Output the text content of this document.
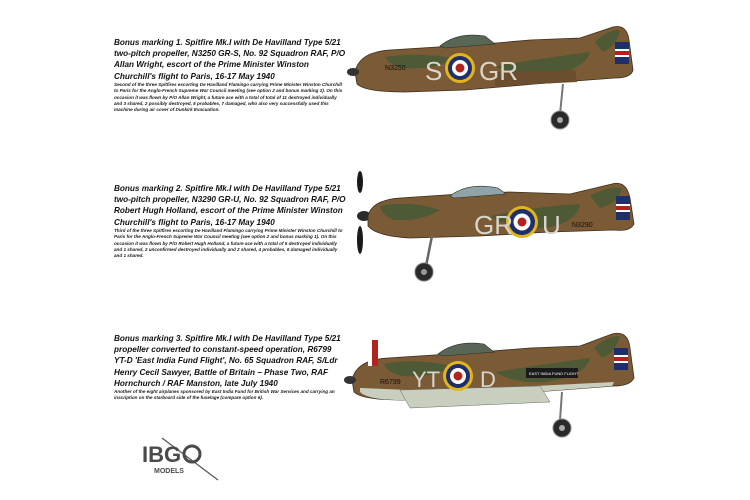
Bonus marking 1. Spitfire Mk.I with De Havilland Type 5/21 two-pitch propeller, N3250 GR-S, No. 92 Squadron RAF, P/O Allan Wright, escort of the Prime Minister Winston Churchill's flight to Paris, 16-17 May 1940

Second of the three Spitfires escorting De Havilland Flamingo carrying Prime Minister Winston Churchill to Paris for the Anglo-French Supreme War Council meeting (see option 2 and bonus marking 2). On this occasion it was flown by P/O Allan Wright, a future ace with a total of total of 11 destroyed individually and 3 shared, 2 possibly destroyed, 5 probables, 7 damaged, who also very successfully used this machine during air cover of Dunkirk Evacuation.

S GR
N3250

Bonus marking 2. Spitfire Mk.I with De Havilland Type 5/21 two-pitch propeller, N3290 GR-U, No. 92 Squadron RAF, P/O Robert Hugh Holland, escort of the Prime Minister Winston Churchill's flight to Paris, 16-17 May 1940

Third of the three Spitfires escorting De Havilland Flamingo carrying Prime Minister Winston Churchill to Paris for the Anglo-French Supreme War Council meeting (see option 2 and bonus marking 1). On this occasion it was flown by P/O Robert Hugh Holland, a future ace with a total of 5 destroyed individually and 1 shared, 2 unconfirmed destroyed individually and 2 shared, 4 probables, 6 damaged individually and 1 shared.

GR U N3290

Bonus marking 3. Spitfire Mk.I with De Havilland Type 5/21 propeller converted to constant-speed operation, R6799 YT-D 'East India Fund Flight', No. 65 Squadron RAF, S/Ldr Henry Cecil Sawyer, Battle of Britain – Phase Two, RAF Hornchurch / RAF Manston, late July 1940

Another of the eight airplanes sponsored by East India Fund for British War Services and carrying an inscription on the starboard side of the fuselage (compare option 6).

EAST INDIA FUND FLIGHT
YT D
R6799
IBG
MODELS
